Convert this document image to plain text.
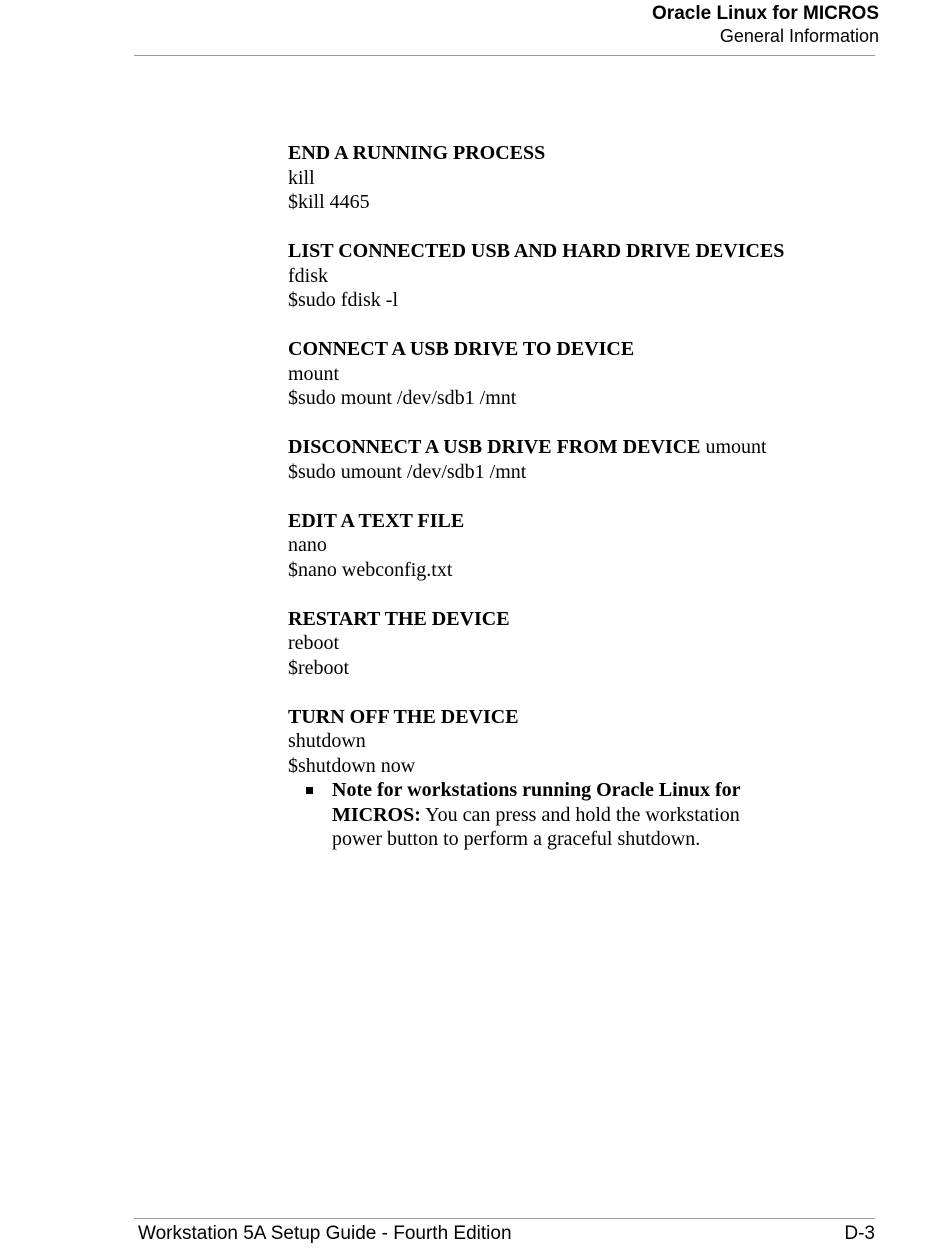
Oracle Linux for MICROS
General Information
END A RUNNING PROCESS
kill
$kill 4465
LIST CONNECTED USB AND HARD DRIVE DEVICES
fdisk
$sudo fdisk -l
CONNECT A USB DRIVE TO DEVICE
mount
$sudo mount /dev/sdb1 /mnt
DISCONNECT A USB DRIVE FROM DEVICE umount
$sudo umount /dev/sdb1 /mnt
EDIT A TEXT FILE
nano
$nano webconfig.txt
RESTART THE DEVICE
reboot
$reboot
TURN OFF THE DEVICE
shutdown
$shutdown now
Note for workstations running Oracle Linux for MICROS: You can press and hold the workstation power button to perform a graceful shutdown.
Workstation 5A Setup Guide - Fourth Edition	D-3
